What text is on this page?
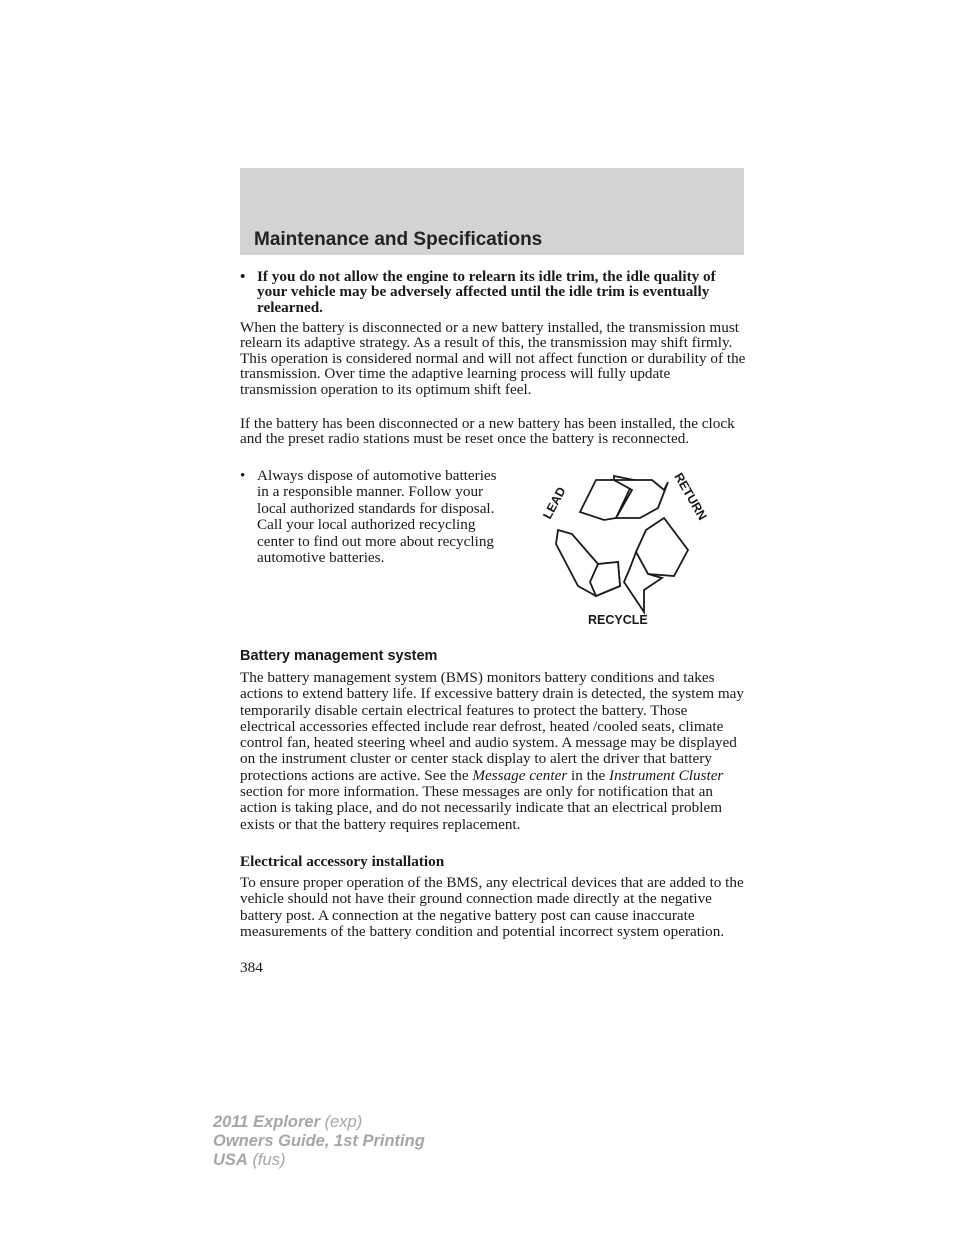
Maintenance and Specifications
• If you do not allow the engine to relearn its idle trim, the idle quality of your vehicle may be adversely affected until the idle trim is eventually relearned.

When the battery is disconnected or a new battery installed, the transmission must relearn its adaptive strategy. As a result of this, the transmission may shift firmly. This operation is considered normal and will not affect function or durability of the transmission. Over time the adaptive learning process will fully update transmission operation to its optimum shift feel.

If the battery has been disconnected or a new battery has been installed, the clock and the preset radio stations must be reset once the battery is reconnected.

• Always dispose of automotive batteries in a responsible manner. Follow your local authorized standards for disposal. Call your local authorized recycling center to find out more about recycling automotive batteries.
LEAD	RETURN
RECYCLE
Battery management system

The battery management system (BMS) monitors battery conditions and takes actions to extend battery life. If excessive battery drain is detected, the system may temporarily disable certain electrical features to protect the battery. Those electrical accessories effected include rear defrost, heated /cooled seats, climate control fan, heated steering wheel and audio system. A message may be displayed on the instrument cluster or center stack display to alert the driver that battery protections actions are active. See the Message center in the Instrument Cluster section for more information. These messages are only for notification that an action is taking place, and do not necessarily indicate that an electrical problem exists or that the battery requires replacement.

Electrical accessory installation

To ensure proper operation of the BMS, any electrical devices that are added to the vehicle should not have their ground connection made directly at the negative battery post. A connection at the negative battery post can cause inaccurate measurements of the battery condition and potential incorrect system operation.

384
2011 Explorer (exp)
Owners Guide, 1st Printing
USA (fus)
